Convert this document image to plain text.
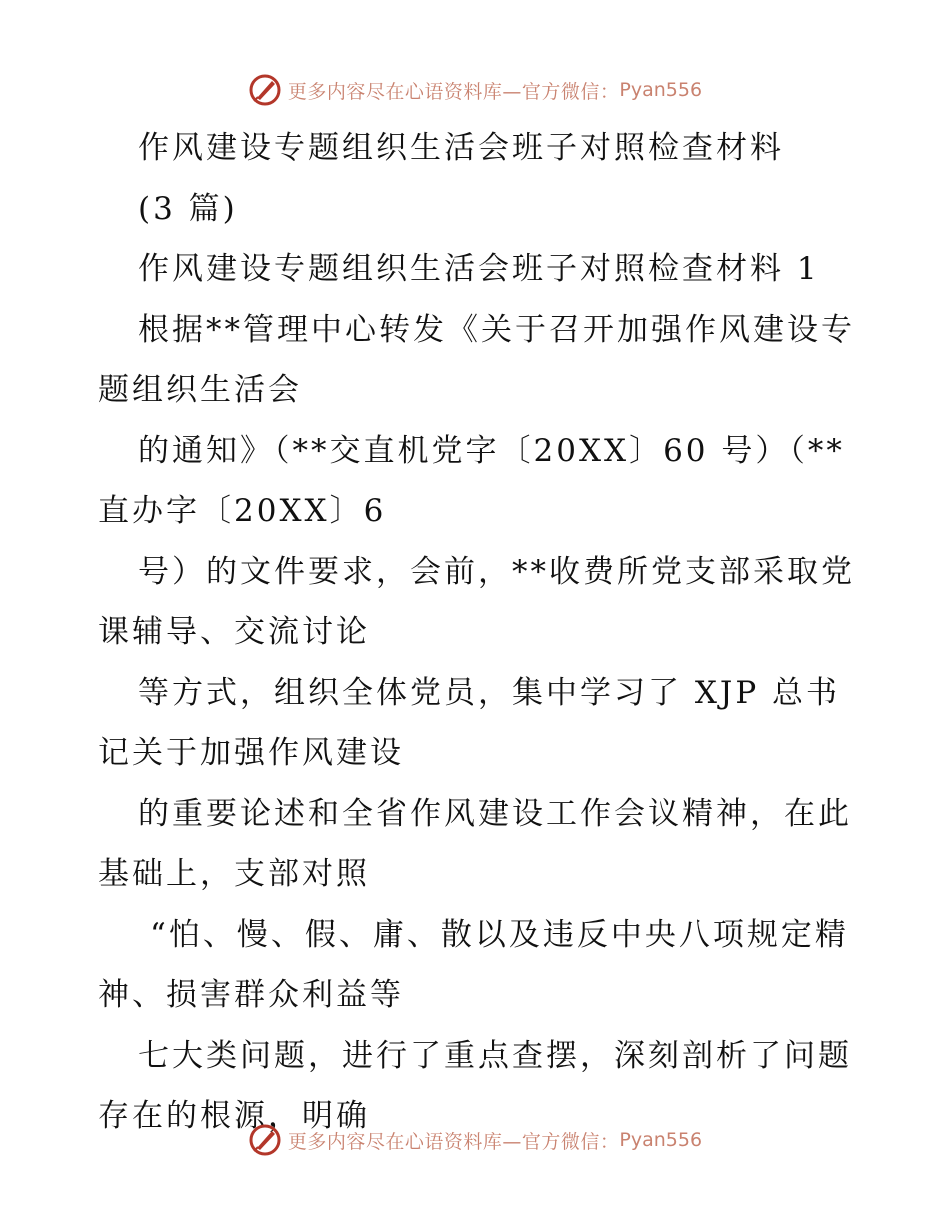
更多内容尽在心语资料库—官方微信： Pyan556
作风建设专题组织生活会班子对照检查材料
(3 篇)
作风建设专题组织生活会班子对照检查材料 1
根据**管理中心转发《关于召开加强作风建设专
题组织生活会
的通知》（**交直机党字〔20XX〕60 号）（**
直办字〔20XX〕6
号）的文件要求，会前，**收费所党支部采取党
课辅导、交流讨论
等方式，组织全体党员，集中学习了 XJP 总书
记关于加强作风建设
的重要论述和全省作风建设工作会议精神，在此
基础上，支部对照
“怕、慢、假、庸、散以及违反中央八项规定精
神、损害群众利益等
七大类问题，进行了重点查摆，深刻剖析了问题
存在的根源，明确
更多内容尽在心语资料库—官方微信： Pyan556
